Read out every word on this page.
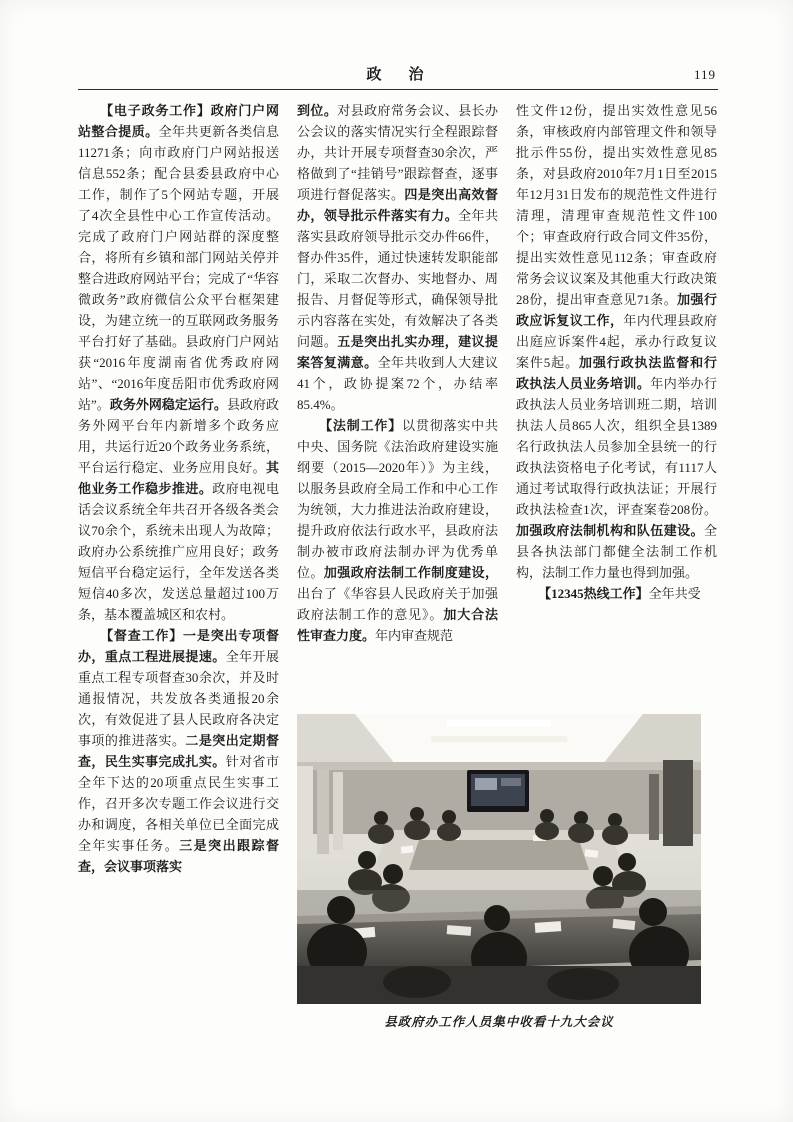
政　治	119

【电子政务工作】政府门户网站整合提质。全年共更新各类信息11271条；向市政府门户网站报送信息552条；配合县委县政府中心工作，制作了5个网站专题，开展了4次全县性中心工作宣传活动。完成了政府门户网站群的深度整合，将所有乡镇和部门网站关停并整合进政府网站平台；完成了“华容微政务”政府微信公众平台框架建设，为建立统一的互联网政务服务平台打好了基础。县政府门户网站获“2016年度湖南省优秀政府网站”、“2016年度岳阳市优秀政府网站”。政务外网稳定运行。县政府政务外网平台年内新增多个政务应用，共运行近20个政务业务系统，平台运行稳定、业务应用良好。其他业务工作稳步推进。政府电视电话会议系统全年共召开各级各类会议70余个，系统未出现人为故障；政府办公系统推广应用良好；政务短信平台稳定运行，全年发送各类短信40多次，发送总量超过100万条，基本覆盖城区和农村。

【督查工作】一是突出专项督办，重点工程进展提速。全年开展重点工程专项督查30余次，并及时通报情况，共发放各类通报20余次，有效促进了县人民政府各决定事项的推进落实。二是突出定期督查，民生实事完成扎实。针对省市全年下达的20项重点民生实事工作，召开多次专题工作会议进行交办和调度，各相关单位已全面完成全年实事任务。三是突出跟踪督查，会议事项落实

到位。对县政府常务会议、县长办公会议的落实情况实行全程跟踪督办，共计开展专项督查30余次，严格做到了“挂销号”跟踪督查，逐事项进行督促落实。四是突出高效督办，领导批示件落实有力。全年共落实县政府领导批示交办件66件，督办件35件，通过快速转发职能部门，采取二次督办、实地督办、周报告、月督促等形式，确保领导批示内容落在实处，有效解决了各类问题。五是突出扎实办理，建议提案答复满意。全年共收到人大建议41个，政协提案72个，办结率85.4%。

【法制工作】以贯彻落实中共中央、国务院《法治政府建设实施纲要（2015—2020年）》为主线，以服务县政府全局工作和中心工作为统领，大力推进法治政府建设，提升政府依法行政水平，县政府法制办被市政府法制办评为优秀单位。加强政府法制工作制度建设，出台了《华容县人民政府关于加强政府法制工作的意见》。加大合法性审查力度。年内审查规范

性文件12份，提出实效性意见56条，审核政府内部管理文件和领导批示件55份，提出实效性意见85条，对县政府2010年7月1日至2015年12月31日发布的规范性文件进行清理，清理审查规范性文件100个；审查政府行政合同文件35份，提出实效性意见112条；审查政府常务会议议案及其他重大行政决策28份，提出审查意见71条。加强行政应诉复议工作，年内代理县政府出庭应诉案件4起，承办行政复议案件5起。加强行政执法监督和行政执法人员业务培训。年内举办行政执法人员业务培训班二期，培训执法人员865人次，组织全县1389名行政执法人员参加全县统一的行政执法资格电子化考试，有1117人通过考试取得行政执法证；开展行政执法检查1次，评查案卷208份。加强政府法制机构和队伍建设。全县各执法部门都健全法制工作机构，法制工作力量也得到加强。

【12345热线工作】全年共受

县政府办工作人员集中收看十九大会议
